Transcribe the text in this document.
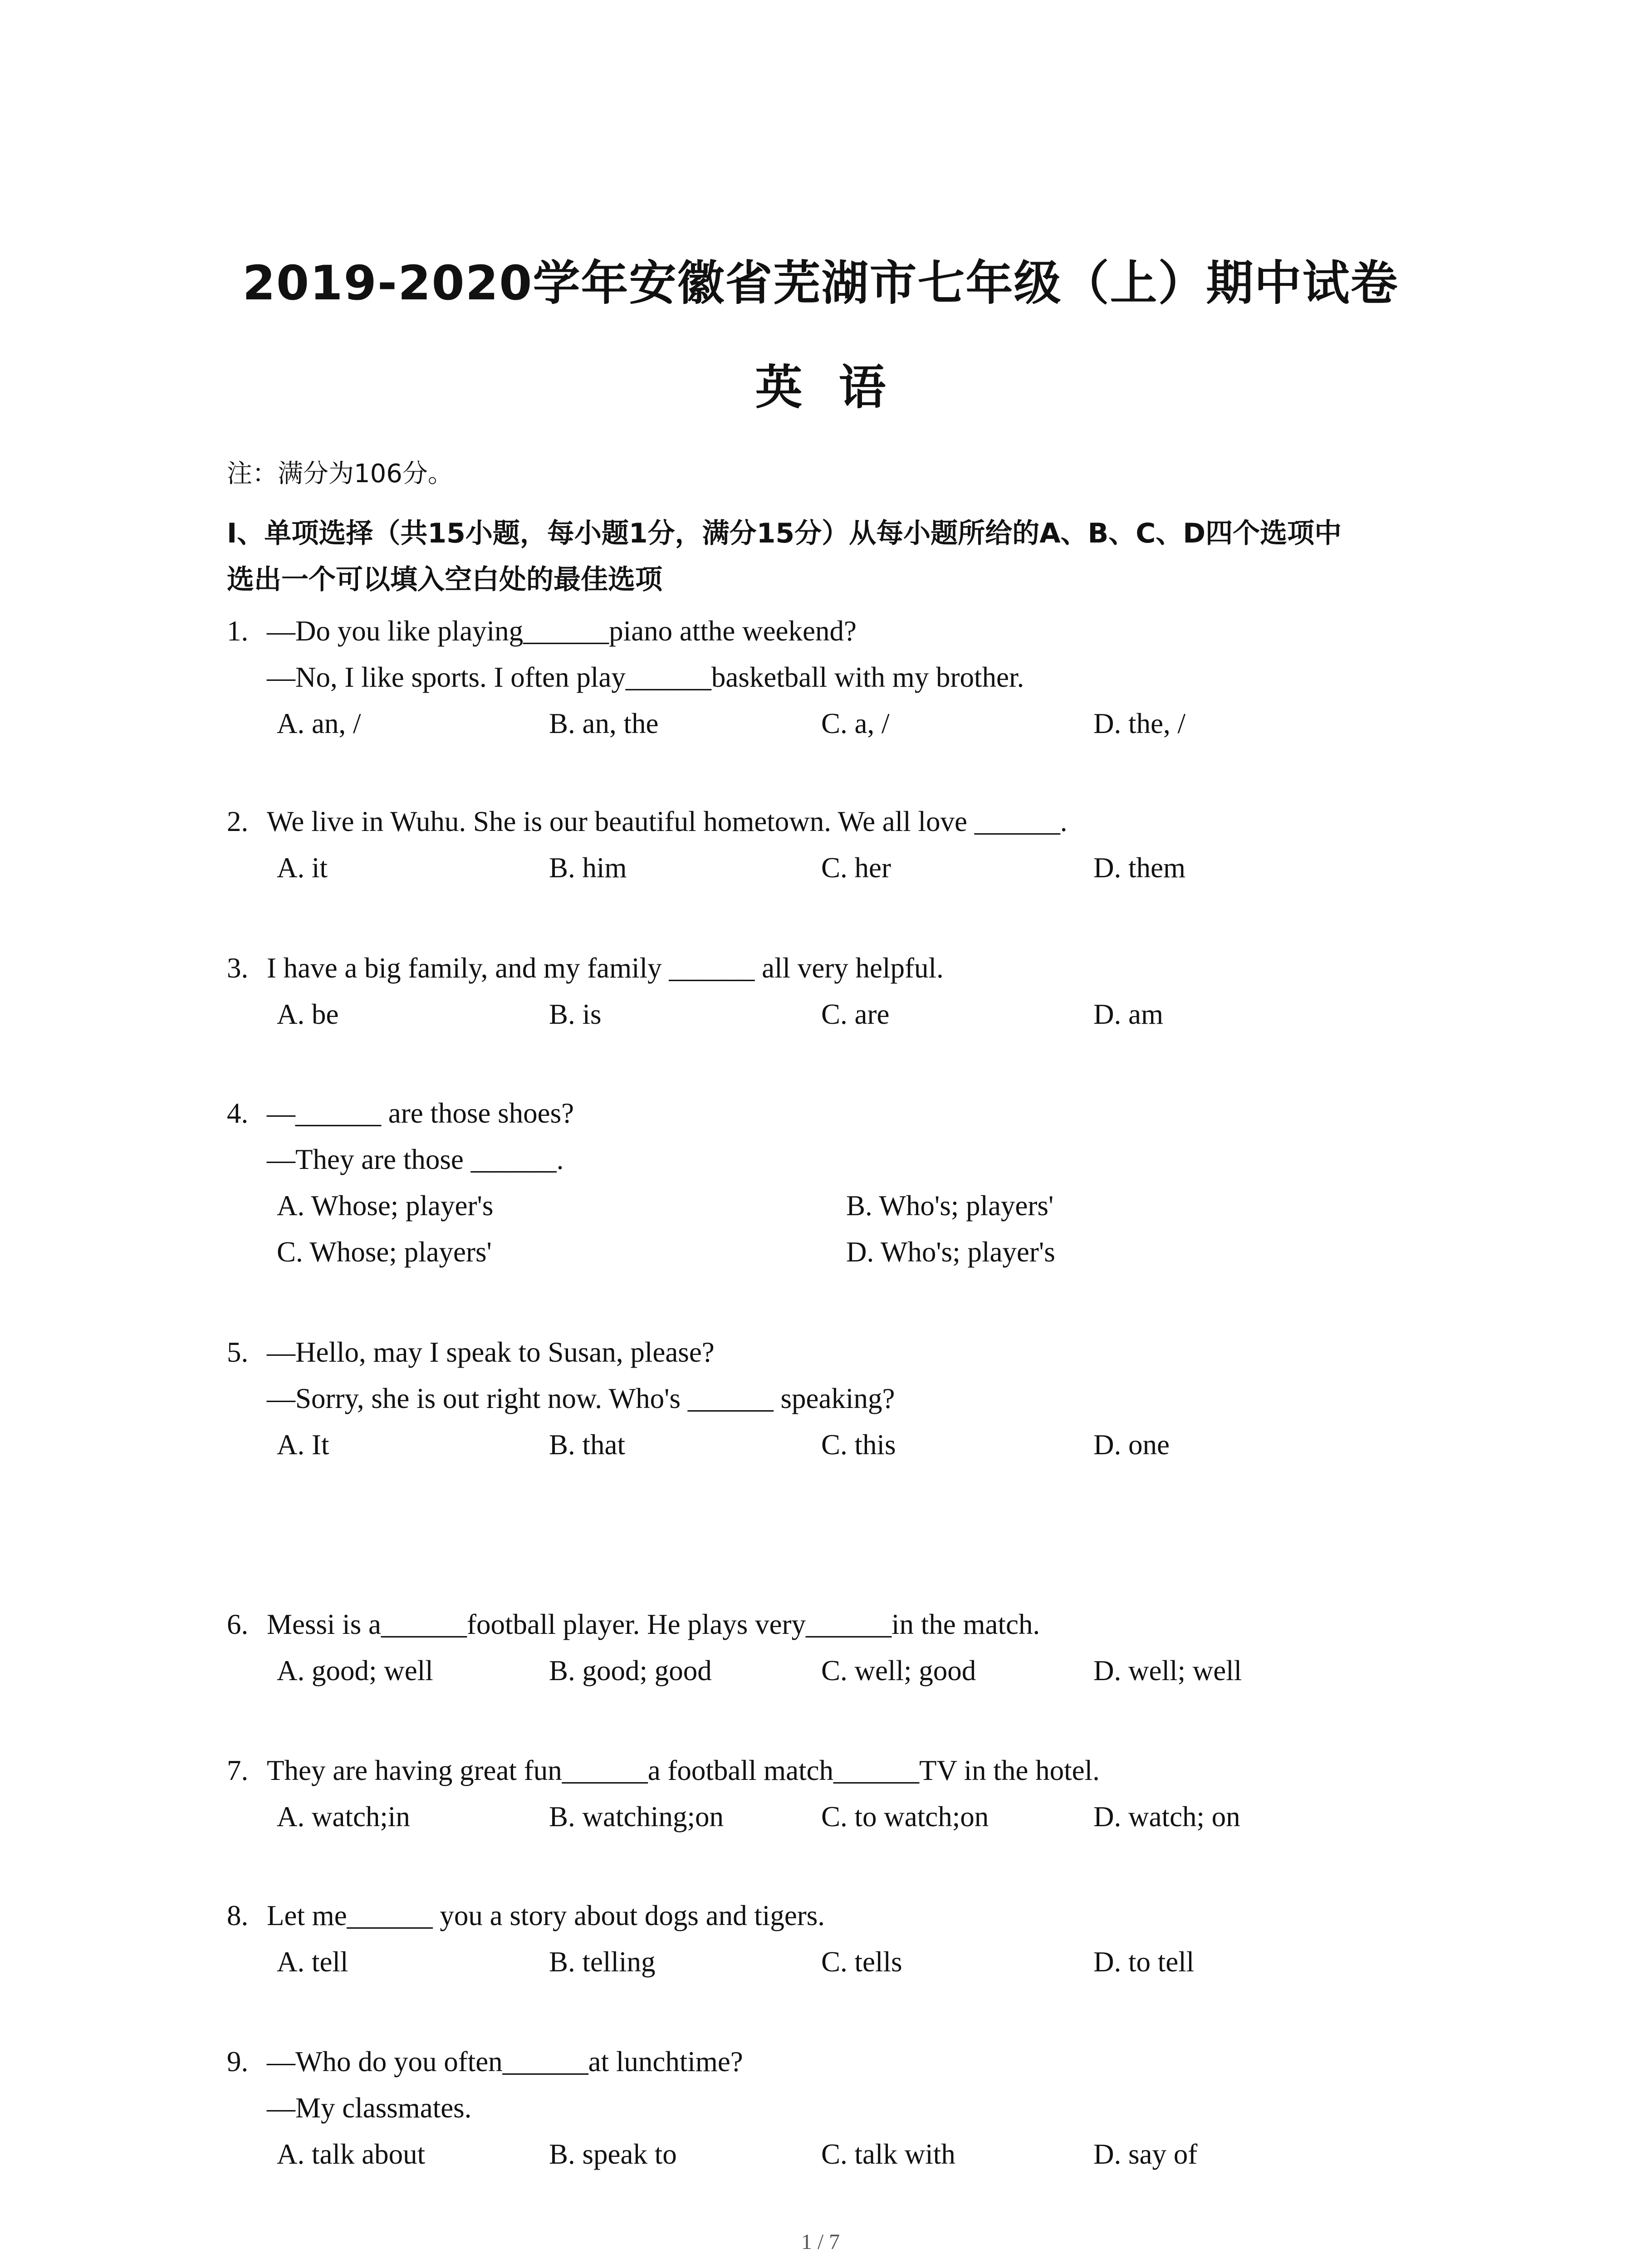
2019-2020学年安徽省芜湖市七年级（上）期中试卷
英语
注：满分为106分。
Ⅰ、单项选择（共15小题，每小题1分，满分15分）从每小题所给的A、B、C、D四个选项中
选出一个可以填入空白处的最佳选项
1. —Do you like playing______piano atthe weekend?
—No, I like sports. I often play______basketball with my brother.
A. an, /	B. an, the	C. a, /	D. the, /
2. We live in Wuhu. She is our beautiful hometown. We all love ______.
A. it	B. him	C. her	D. them
3. I have a big family, and my family ______ all very helpful.
A. be	B. is	C. are	D. am
4. —______ are those shoes?
—They are those ______.
A. Whose; player's	B. Who's; players'
C. Whose; players'	D. Who's; player's
5. —Hello, may I speak to Susan, please?
—Sorry, she is out right now. Who's ______ speaking?
A. It	B. that	C. this	D. one
6. Messi is a______football player. He plays very______in the match.
A. good; well	B. good; good	C. well; good	D. well; well
7. They are having great fun______a football match______TV in the hotel.
A. watch;in	B. watching;on	C. to watch;on	D. watch; on
8. Let me______ you a story about dogs and tigers.
A. tell	B. telling	C. tells	D. to tell
9. —Who do you often______at lunchtime?
—My classmates.
A. talk about	B. speak to	C. talk with	D. say of
1 / 7
